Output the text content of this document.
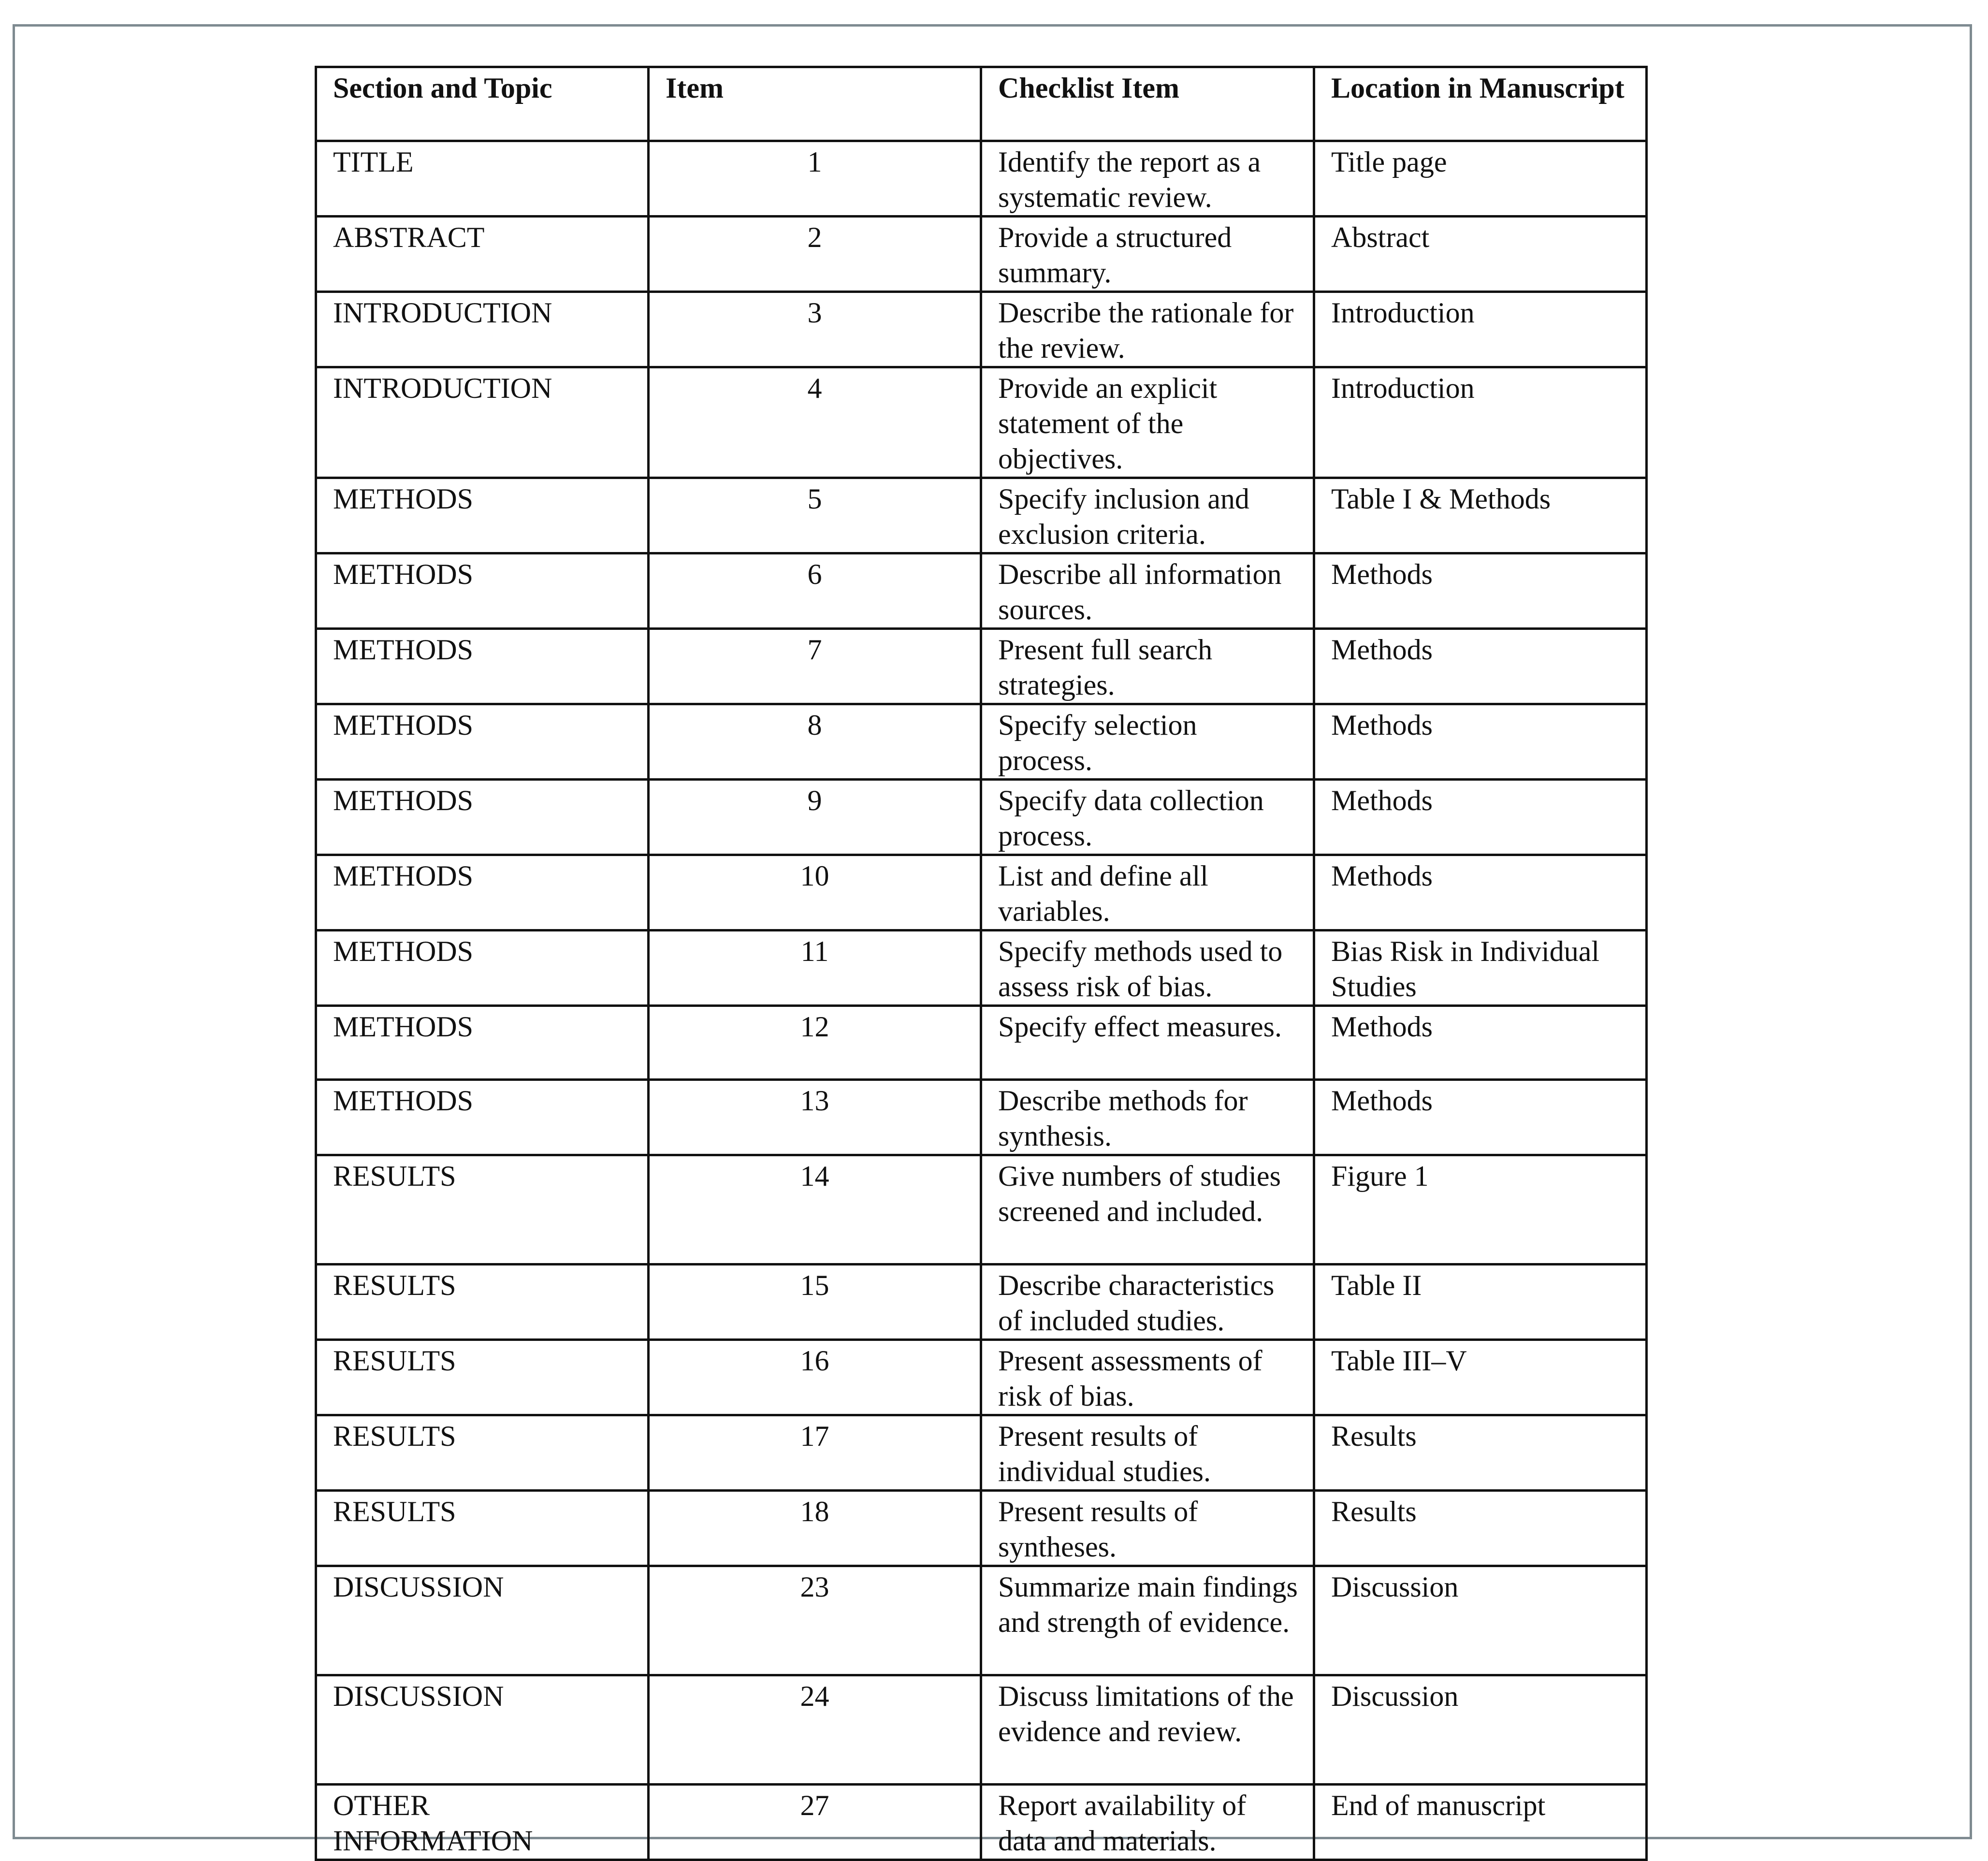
Section and Topic	Item	Checklist Item	Location in Manuscript
TITLE	1	Identify the report as a systematic review.	Title page
ABSTRACT	2	Provide a structured summary.	Abstract
INTRODUCTION	3	Describe the rationale for the review.	Introduction
INTRODUCTION	4	Provide an explicit statement of the objectives.	Introduction
METHODS	5	Specify inclusion and exclusion criteria.	Table I & Methods
METHODS	6	Describe all information sources.	Methods
METHODS	7	Present full search strategies.	Methods
METHODS	8	Specify selection process.	Methods
METHODS	9	Specify data collection process.	Methods
METHODS	10	List and define all variables.	Methods
METHODS	11	Specify methods used to assess risk of bias.	Bias Risk in Individual Studies
METHODS	12	Specify effect measures.	Methods
METHODS	13	Describe methods for synthesis.	Methods
RESULTS	14	Give numbers of studies screened and included.	Figure 1
RESULTS	15	Describe characteristics of included studies.	Table II
RESULTS	16	Present assessments of risk of bias.	Table III–V
RESULTS	17	Present results of individual studies.	Results
RESULTS	18	Present results of syntheses.	Results
DISCUSSION	23	Summarize main findings and strength of evidence.	Discussion
DISCUSSION	24	Discuss limitations of the evidence and review.	Discussion
OTHER INFORMATION	27	Report availability of data and materials.	End of manuscript
